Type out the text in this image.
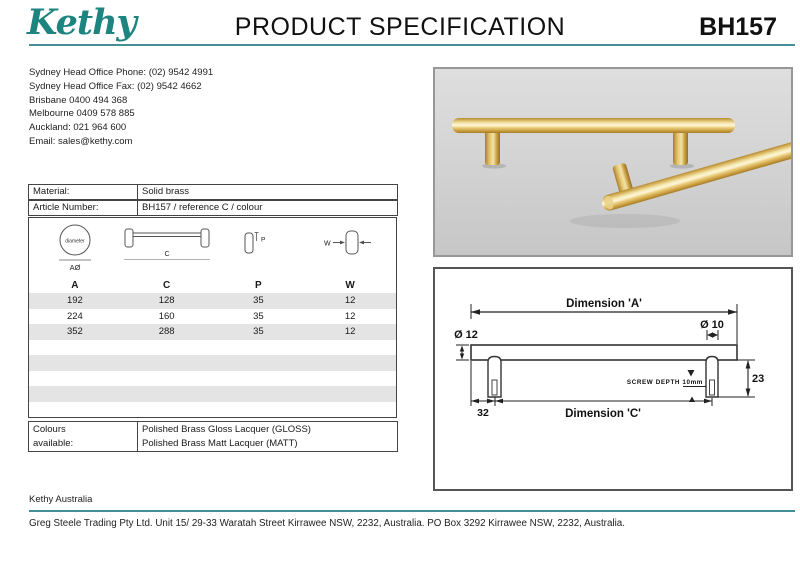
Kethy	PRODUCT SPECIFICATION	BH157
Sydney Head Office Phone: (02) 9542 4991
Sydney Head Office Fax: (02) 9542 4662
Brisbane 0400 494 368
Melbourne 0409 578 885
Auckland: 021 964 600
Email: sales@kethy.com
Material:	Solid brass
Article Number:	BH157 / reference C / colour
diameter
AØ
C
P
W
A	C	P	W
192	128	35	12
224	160	35	12
352	288	35	12
Colours
available:
Polished Brass Gloss Lacquer (GLOSS)
Polished Brass Matt Lacquer (MATT)
Dimension 'A'
Ø 12
Ø 10
23
SCREW DEPTH 10mm
32	Dimension 'C'
Kethy Australia
Greg Steele Trading Pty Ltd. Unit 15/ 29-33 Waratah Street Kirrawee NSW, 2232, Australia. PO Box 3292 Kirrawee NSW, 2232, Australia.
